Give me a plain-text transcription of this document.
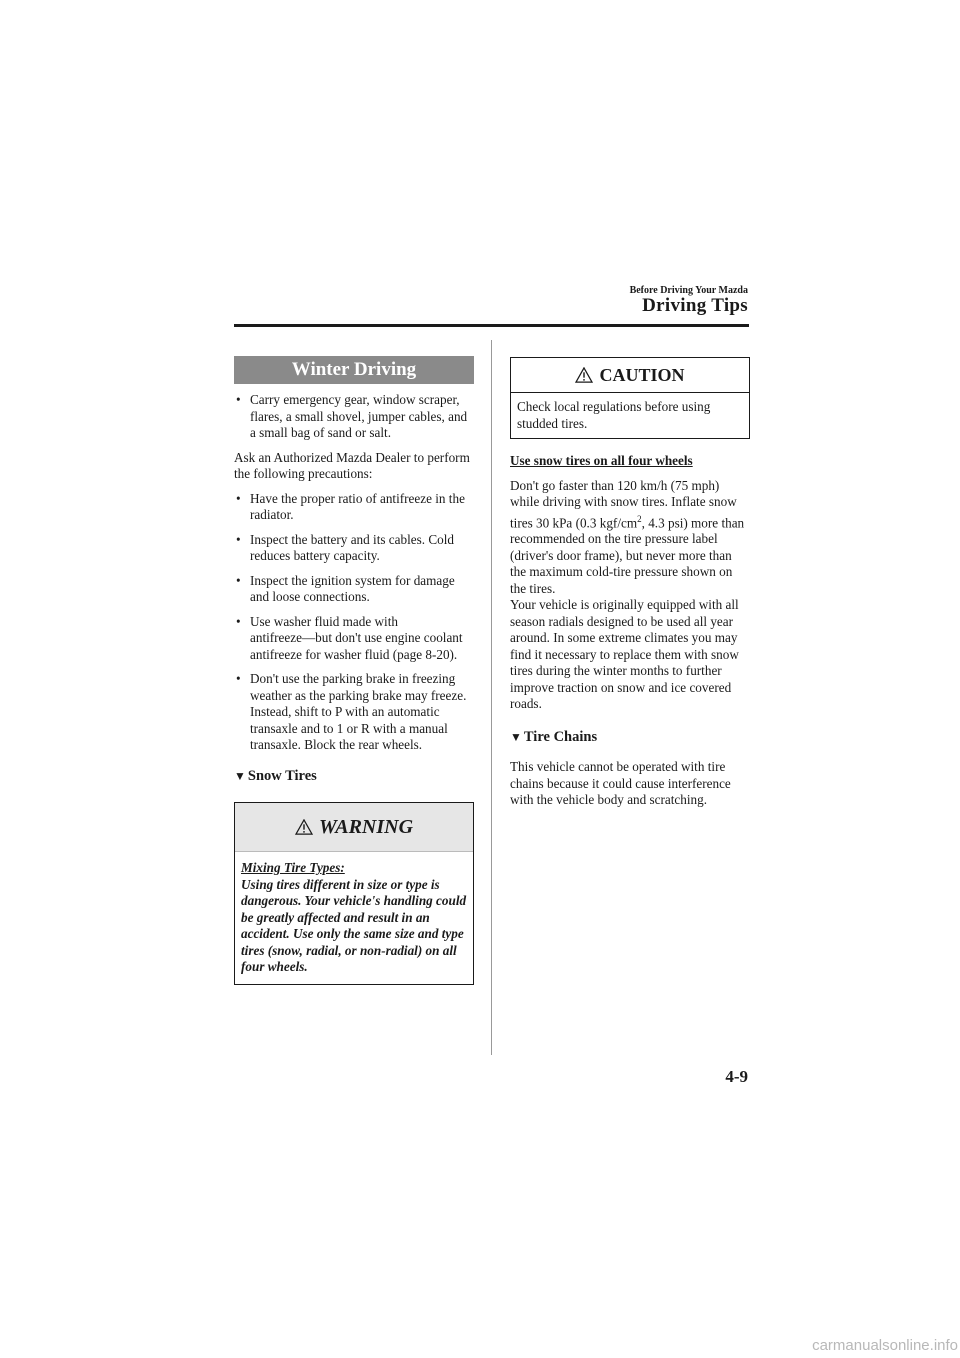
Before Driving Your Mazda
Driving Tips
Winter Driving
• Carry emergency gear, window scraper, flares, a small shovel, jumper cables, and a small bag of sand or salt.

Ask an Authorized Mazda Dealer to perform the following precautions:

• Have the proper ratio of antifreeze in the radiator.
• Inspect the battery and its cables. Cold reduces battery capacity.
• Inspect the ignition system for damage and loose connections.
• Use washer fluid made with antifreeze―but don't use engine coolant antifreeze for washer fluid (page 8-20).
• Don't use the parking brake in freezing weather as the parking brake may freeze. Instead, shift to P with an automatic transaxle and to 1 or R with a manual transaxle. Block the rear wheels.
▼ Snow Tires
WARNING
Mixing Tire Types:
Using tires different in size or type is dangerous. Your vehicle's handling could be greatly affected and result in an accident. Use only the same size and type tires (snow, radial, or non-radial) on all four wheels.
CAUTION
Check local regulations before using studded tires.
Use snow tires on all four wheels

Don't go faster than 120 km/h (75 mph) while driving with snow tires. Inflate snow tires 30 kPa (0.3 kgf/$cm^2$, 4.3 psi) more than recommended on the tire pressure label (driver's door frame), but never more than the maximum cold-tire pressure shown on the tires.
Your vehicle is originally equipped with all season radials designed to be used all year around. In some extreme climates you may find it necessary to replace them with snow tires during the winter months to further improve traction on snow and ice covered roads.

▼ Tire Chains

This vehicle cannot be operated with tire chains because it could cause interference with the vehicle body and scratching.

4-9
carmanualsonline.info
